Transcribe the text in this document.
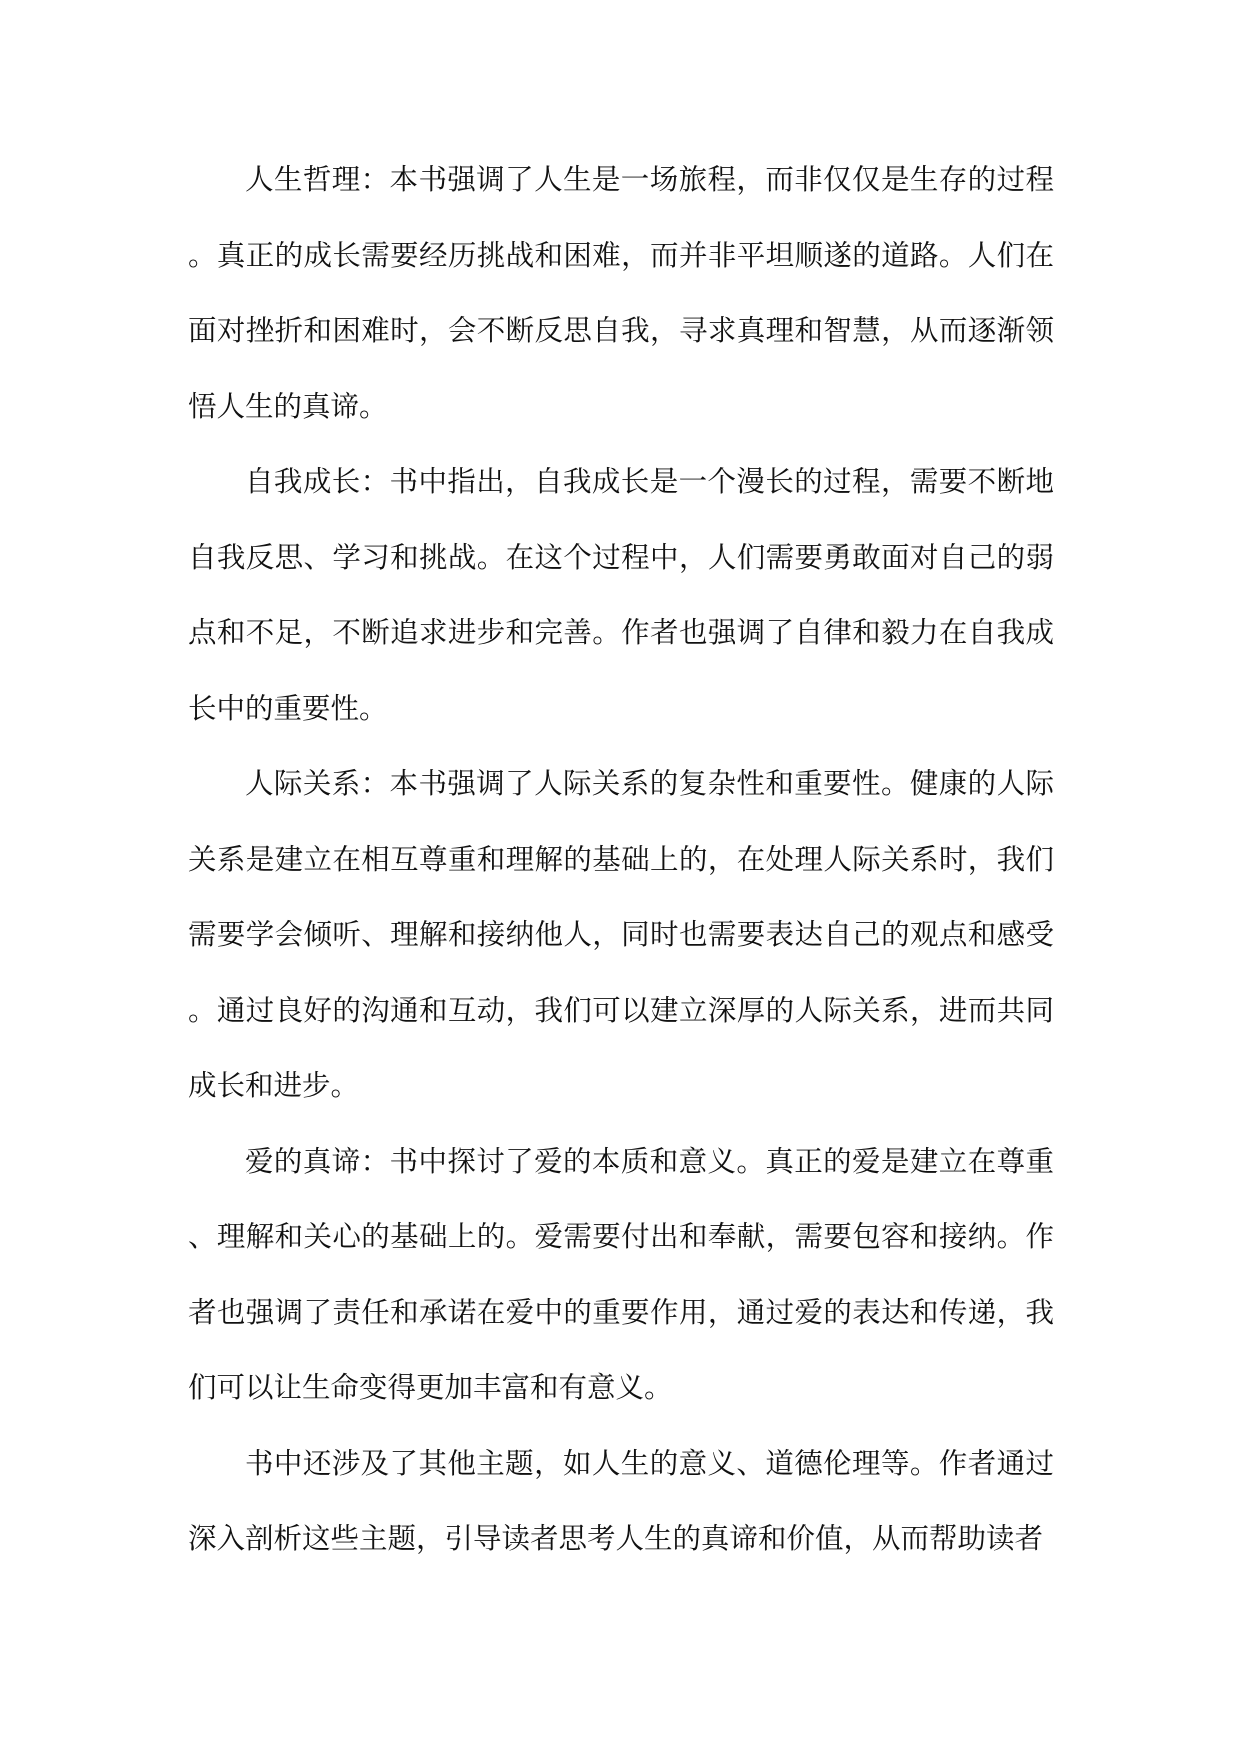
人生哲理：本书强调了人生是一场旅程，而非仅仅是生存的过程。真正的成长需要经历挑战和困难，而并非平坦顺遂的道路。人们在面对挫折和困难时，会不断反思自我，寻求真理和智慧，从而逐渐领悟人生的真谛。

自我成长：书中指出，自我成长是一个漫长的过程，需要不断地自我反思、学习和挑战。在这个过程中，人们需要勇敢面对自己的弱点和不足，不断追求进步和完善。作者也强调了自律和毅力在自我成长中的重要性。

人际关系：本书强调了人际关系的复杂性和重要性。健康的人际关系是建立在相互尊重和理解的基础上的，在处理人际关系时，我们需要学会倾听、理解和接纳他人，同时也需要表达自己的观点和感受。通过良好的沟通和互动，我们可以建立深厚的人际关系，进而共同成长和进步。

爱的真谛：书中探讨了爱的本质和意义。真正的爱是建立在尊重、理解和关心的基础上的。爱需要付出和奉献，需要包容和接纳。作者也强调了责任和承诺在爱中的重要作用，通过爱的表达和传递，我们可以让生命变得更加丰富和有意义。

书中还涉及了其他主题，如人生的意义、道德伦理等。作者通过深入剖析这些主题，引导读者思考人生的真谛和价值，从而帮助读者
